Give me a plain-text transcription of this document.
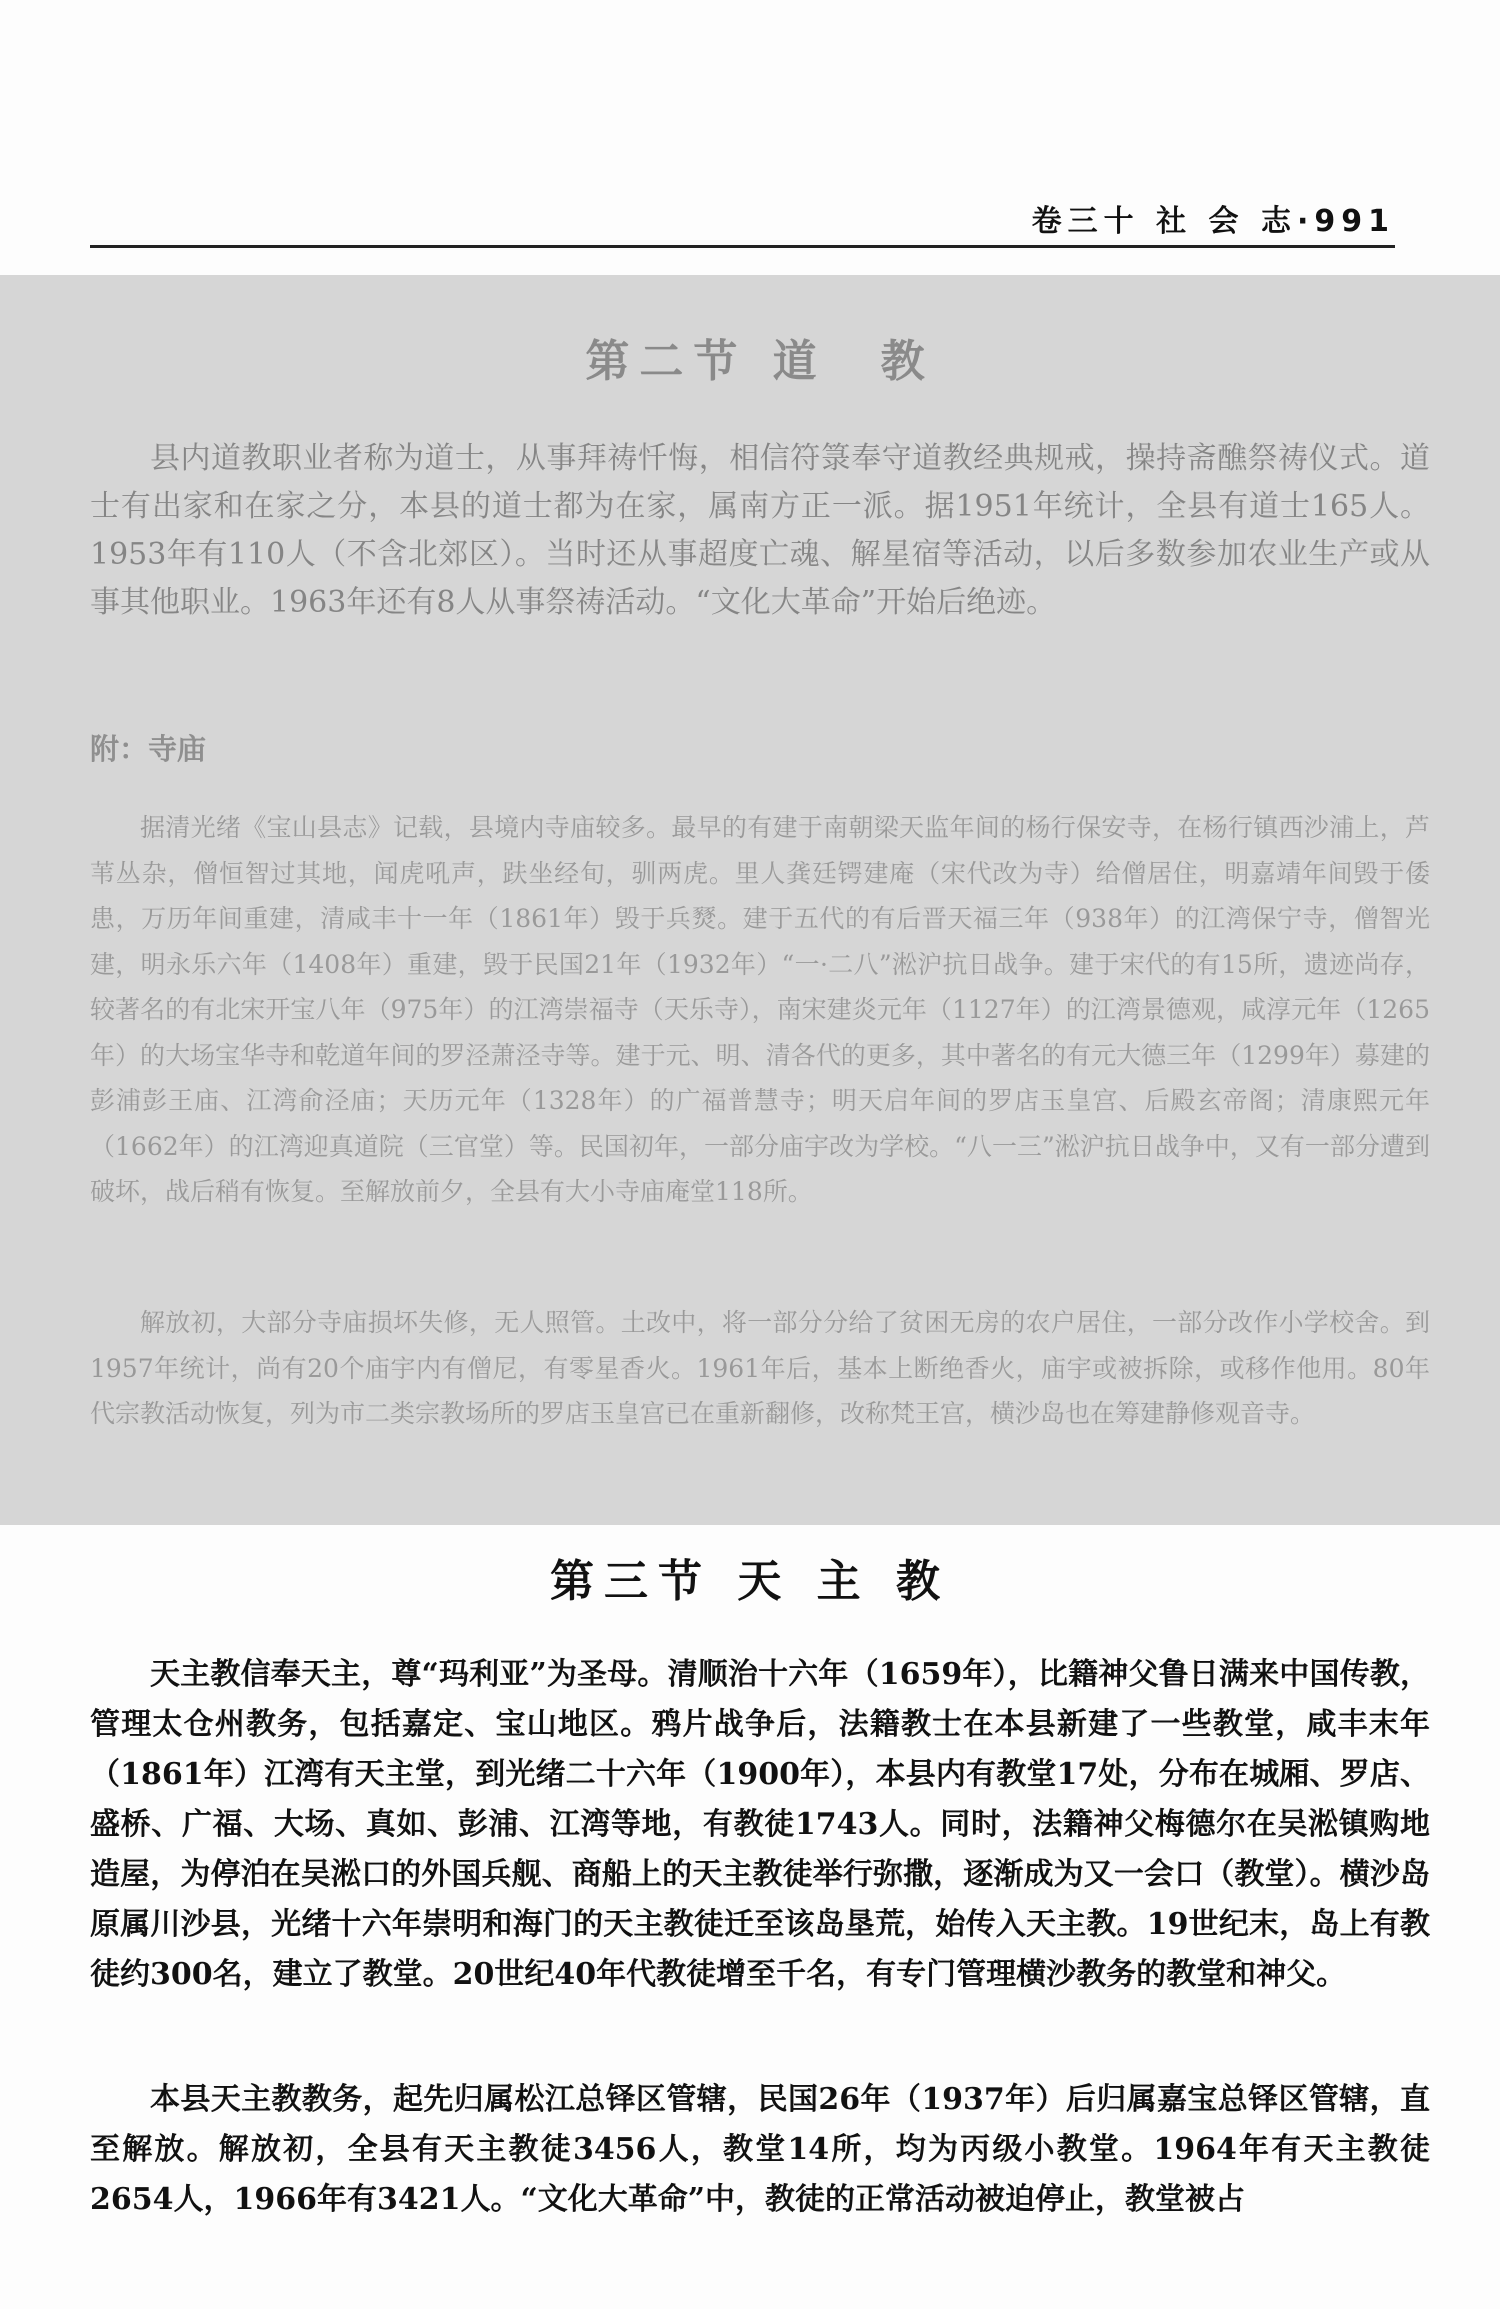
卷三十 社 会 志·991
第二节 道　教

县内道教职业者称为道士，从事拜祷忏悔，相信符箓奉守道教经典规戒，操持斋醮祭祷仪式。道士有出家和在家之分，本县的道士都为在家，属南方正一派。据1951年统计，全县有道士165人。1953年有110人（不含北郊区）。当时还从事超度亡魂、解星宿等活动，以后多数参加农业生产或从事其他职业。1963年还有8人从事祭祷活动。“文化大革命”开始后绝迹。

附：寺庙

据清光绪《宝山县志》记载，县境内寺庙较多。最早的有建于南朝梁天监年间的杨行保安寺，在杨行镇西沙浦上，芦苇丛杂，僧恒智过其地，闻虎吼声，趺坐经旬，驯两虎。里人龚廷锷建庵（宋代改为寺）给僧居住，明嘉靖年间毁于倭患，万历年间重建，清咸丰十一年（1861年）毁于兵燹。建于五代的有后晋天福三年（938年）的江湾保宁寺，僧智光建，明永乐六年（1408年）重建，毁于民国21年（1932年）“一·二八”淞沪抗日战争。建于宋代的有15所，遗迹尚存，较著名的有北宋开宝八年（975年）的江湾崇福寺（天乐寺），南宋建炎元年（1127年）的江湾景德观，咸淳元年（1265年）的大场宝华寺和乾道年间的罗泾萧泾寺等。建于元、明、清各代的更多，其中著名的有元大德三年（1299年）募建的彭浦彭王庙、江湾俞泾庙；天历元年（1328年）的广福普慧寺；明天启年间的罗店玉皇宫、后殿玄帝阁；清康熙元年（1662年）的江湾迎真道院（三官堂）等。民国初年，一部分庙宇改为学校。“八一三”淞沪抗日战争中，又有一部分遭到破坏，战后稍有恢复。至解放前夕，全县有大小寺庙庵堂118所。

解放初，大部分寺庙损坏失修，无人照管。土改中，将一部分分给了贫困无房的农户居住，一部分改作小学校舍。到1957年统计，尚有20个庙宇内有僧尼，有零星香火。1961年后，基本上断绝香火，庙宇或被拆除，或移作他用。80年代宗教活动恢复，列为市二类宗教场所的罗店玉皇宫已在重新翻修，改称梵王宫，横沙岛也在筹建静修观音寺。

第三节 天 主 教

天主教信奉天主，尊“玛利亚”为圣母。清顺治十六年（1659年），比籍神父鲁日满来中国传教，管理太仓州教务，包括嘉定、宝山地区。鸦片战争后，法籍教士在本县新建了一些教堂，咸丰末年（1861年）江湾有天主堂，到光绪二十六年（1900年），本县内有教堂17处，分布在城厢、罗店、盛桥、广福、大场、真如、彭浦、江湾等地，有教徒1743人。同时，法籍神父梅德尔在吴淞镇购地造屋，为停泊在吴淞口的外国兵舰、商船上的天主教徒举行弥撒，逐渐成为又一会口（教堂）。横沙岛原属川沙县，光绪十六年崇明和海门的天主教徒迁至该岛垦荒，始传入天主教。19世纪末，岛上有教徒约300名，建立了教堂。20世纪40年代教徒增至千名，有专门管理横沙教务的教堂和神父。

本县天主教教务，起先归属松江总铎区管辖，民国26年（1937年）后归属嘉宝总铎区管辖，直至解放。解放初，全县有天主教徒3456人，教堂14所，均为丙级小教堂。1964年有天主教徒2654人，1966年有3421人。“文化大革命”中，教徒的正常活动被迫停止，教堂被占
